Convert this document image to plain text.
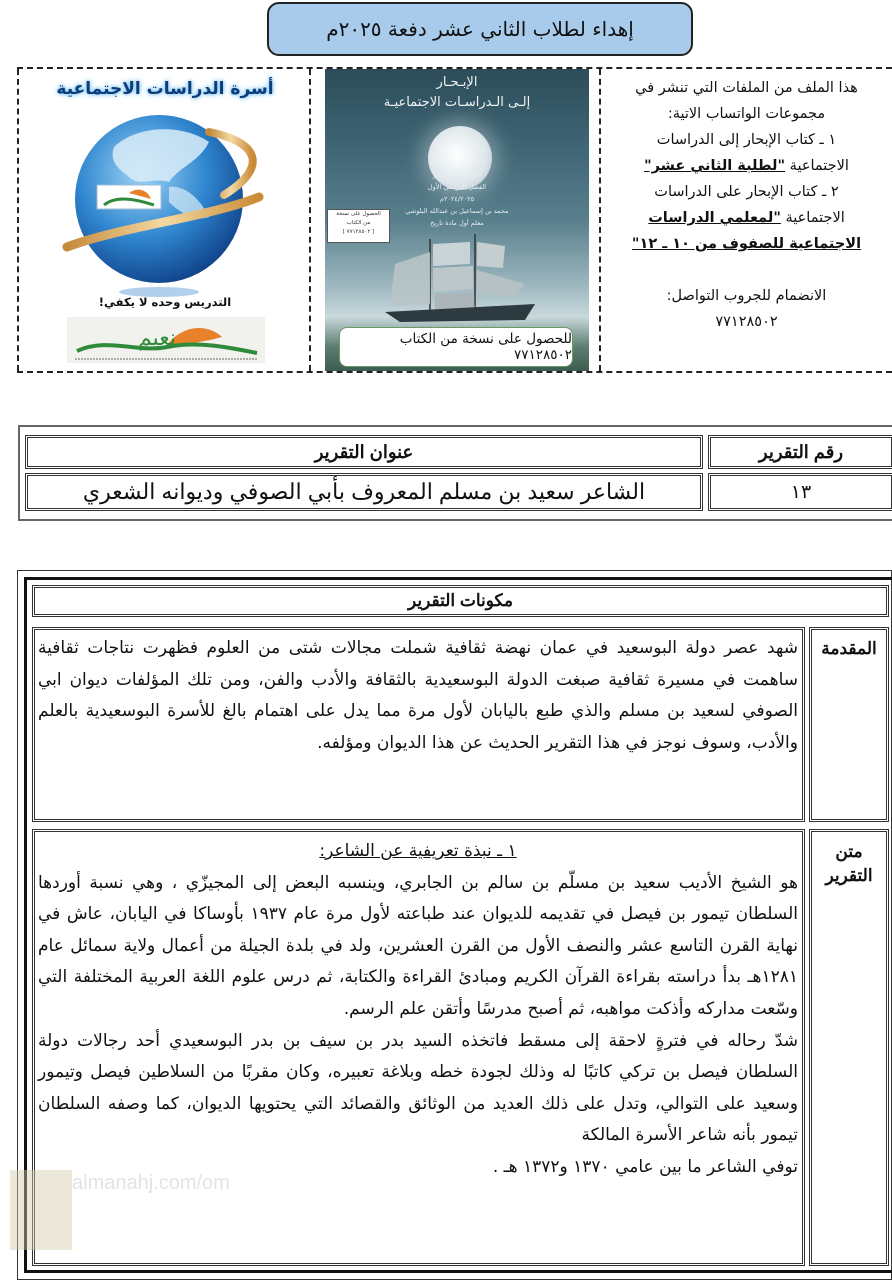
إهداء لطلاب الثاني عشر دفعة ٢٠٢٥م
هذا الملف من الملفات التي تنشر في
مجموعات الواتساب الاتية:
١ ـ كتاب الإبحار إلى الدراسات
الاجتماعية "لطلبة الثاني عشر"
٢ ـ كتاب الإبحار على الدراسات
الاجتماعية "لمعلمي الدراسات
الاجتماعية للصفوف من ١٠ ـ ١٢"
الانضمام للجروب التواصل:
٧٧١٢٨٥٠٢
الإبـحـار
إلـى الـدراسـات الاجتماعيـة
الصف الثاني عشر
الفصل الدراسي الأول
٢٠٢٤/٢٠٢٥م
محمد بن إسماعيل بن عبدالله البلوشي
معلم أول مادة تاريخ
الحصول على نسخة
من الكتاب
[ ٧٧١٢٨٥٠٢ ]
للحصول على نسخة من الكتاب ٧٧١٢٨٥٠٢
أسرة الدراسات الاجتماعية
التدريس وحده لا يكفي!
نعيم
رقم التقرير
عنوان التقرير
١٣
الشاعر سعيد بن مسلم المعروف بأبي الصوفي وديوانه الشعري
مكونات التقرير
المقدمة
شهد عصر دولة البوسعيد في عمان نهضة ثقافية شملت مجالات شتى من العلوم فظهرت نتاجات ثقافية ساهمت في مسيرة ثقافية صبغت الدولة البوسعيدية بالثقافة والأدب والفن، ومن تلك المؤلفات ديوان ابي الصوفي لسعيد بن مسلم والذي طبع باليابان لأول مرة مما يدل على اهتمام بالغ للأسرة البوسعيدية بالعلم والأدب، وسوف نوجز في هذا التقرير الحديث عن هذا الديوان ومؤلفه.
متن
التقرير
١ ـ نبذة تعريفية عن الشاعر:
هو الشيخ الأديب سعيد بن مسلّم بن سالم بن الجابري، وينسبه البعض إلى المجيزّي ، وهي نسبة أوردها السلطان تيمور بن فيصل في تقديمه للديوان عند طباعته لأول مرة عام ١٩٣٧ بأوساكا في اليابان، عاش في نهاية القرن التاسع عشر والنصف الأول من القرن العشرين، ولد في بلدة الجيلة من أعمال ولاية سمائل عام ١٢٨١هـ بدأ دراسته بقراءة القرآن الكريم ومبادئ القراءة والكتابة، ثم درس علوم اللغة العربية المختلفة التي وسّعت مداركه وأذكت مواهبه، ثم أصبح مدرسًا وأتقن علم الرسم.
شدّ رحاله في فترةٍ لاحقة إلى مسقط فاتخذه السيد بدر بن سيف بن بدر البوسعيدي أحد رجالات دولة السلطان فيصل بن تركي كاتبًا له وذلك لجودة خطه وبلاغة تعبيره، وكان مقربًا من السلاطين فيصل وتيمور وسعيد على التوالي، وتدل على ذلك العديد من الوثائق والقصائد التي يحتويها الديوان، كما وصفه السلطان تيمور بأنه شاعر الأسرة المالكة
توفي الشاعر ما بين عامي ١٣٧٠ و١٣٧٢ هـ .
almanahj.com/om
